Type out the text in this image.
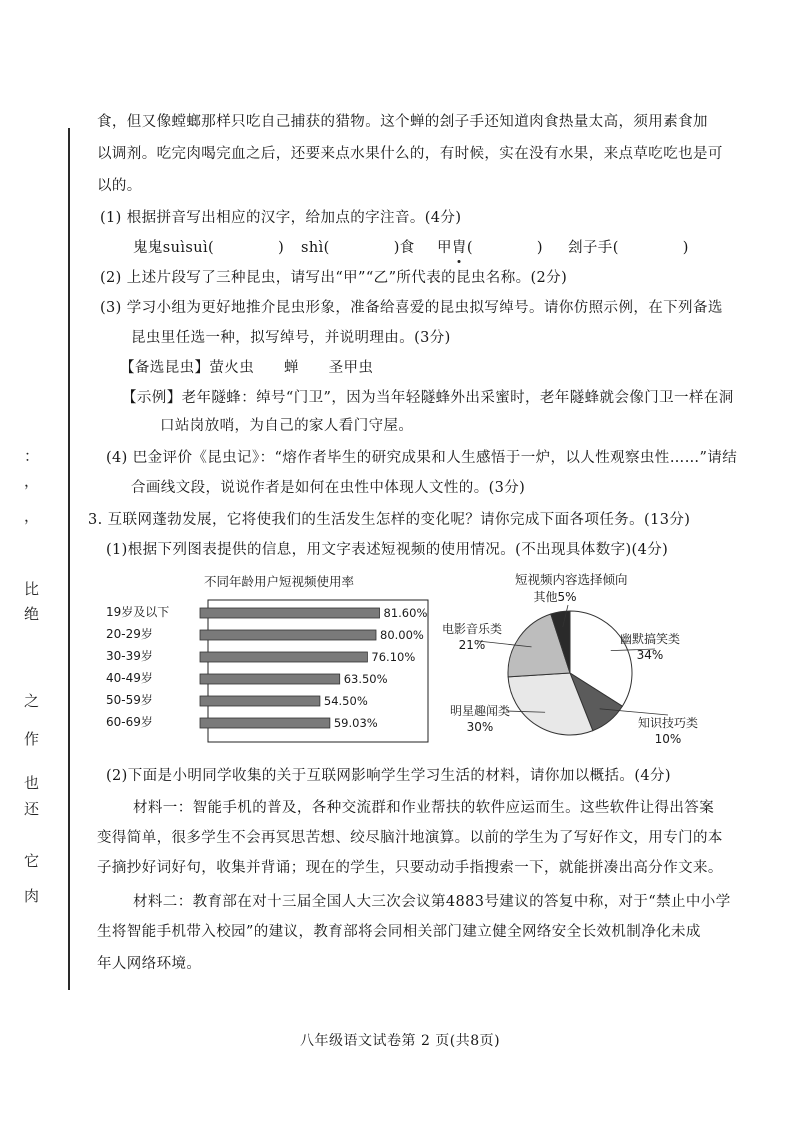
：
，
，
比
绝
之
作
也
还
它
肉
食，但又像螳螂那样只吃自己捕获的猎物。这个蝉的刽子手还知道肉食热量太高，须用素食加
以调剂。吃完肉喝完血之后，还要来点水果什么的，有时候，实在没有水果，来点草吃吃也是可
以的。
(1) 根据拼音写出相应的汉字，给加点的字注音。(4分)
鬼鬼suìsuì(	) shì(	)食 甲胄(	) 刽子手(	)
(2) 上述片段写了三种昆虫，请写出“甲”“乙”所代表的昆虫名称。(2分)
(3) 学习小组为更好地推介昆虫形象，准备给喜爱的昆虫拟写绰号。请你仿照示例，在下列备选
昆虫里任选一种，拟写绰号，并说明理由。(3分)
【备选昆虫】萤火虫　　蝉　　圣甲虫
【示例】老年隧蜂：绰号“门卫”，因为当年轻隧蜂外出采蜜时，老年隧蜂就会像门卫一样在洞
口站岗放哨，为自己的家人看门守屋。
(4) 巴金评价《昆虫记》：“熔作者毕生的研究成果和人生感悟于一炉，以人性观察虫性……”请结
合画线文段，说说作者是如何在虫性中体现人文性的。(3分)
3. 互联网蓬勃发展，它将使我们的生活发生怎样的变化呢？请你完成下面各项任务。(13分)
(1)根据下列图表提供的信息，用文字表述短视频的使用情况。(不出现具体数字)(4分)
不同年龄用户短视频使用率
19岁及以下	81.60%
20-29岁	80.00%
30-39岁	76.10%
40-49岁	63.50%
50-59岁	54.50%
60-69岁	59.03%
短视频内容选择倾向
幽默搞笑类
34%
知识技巧类
10%
明星趣闻类
30%
电影音乐类
21%
其他5%
(2)下面是小明同学收集的关于互联网影响学生学习生活的材料，请你加以概括。(4分)
材料一：智能手机的普及，各种交流群和作业帮扶的软件应运而生。这些软件让得出答案
变得简单，很多学生不会再冥思苦想、绞尽脑汁地演算。以前的学生为了写好作文，用专门的本
子摘抄好词好句，收集并背诵；现在的学生，只要动动手指搜索一下，就能拼凑出高分作文来。
材料二：教育部在对十三届全国人大三次会议第4883号建议的答复中称，对于“禁止中小学
生将智能手机带入校园”的建议，教育部将会同相关部门建立健全网络安全长效机制净化未成
年人网络环境。
八年级语文试卷第 2 页(共8页)
